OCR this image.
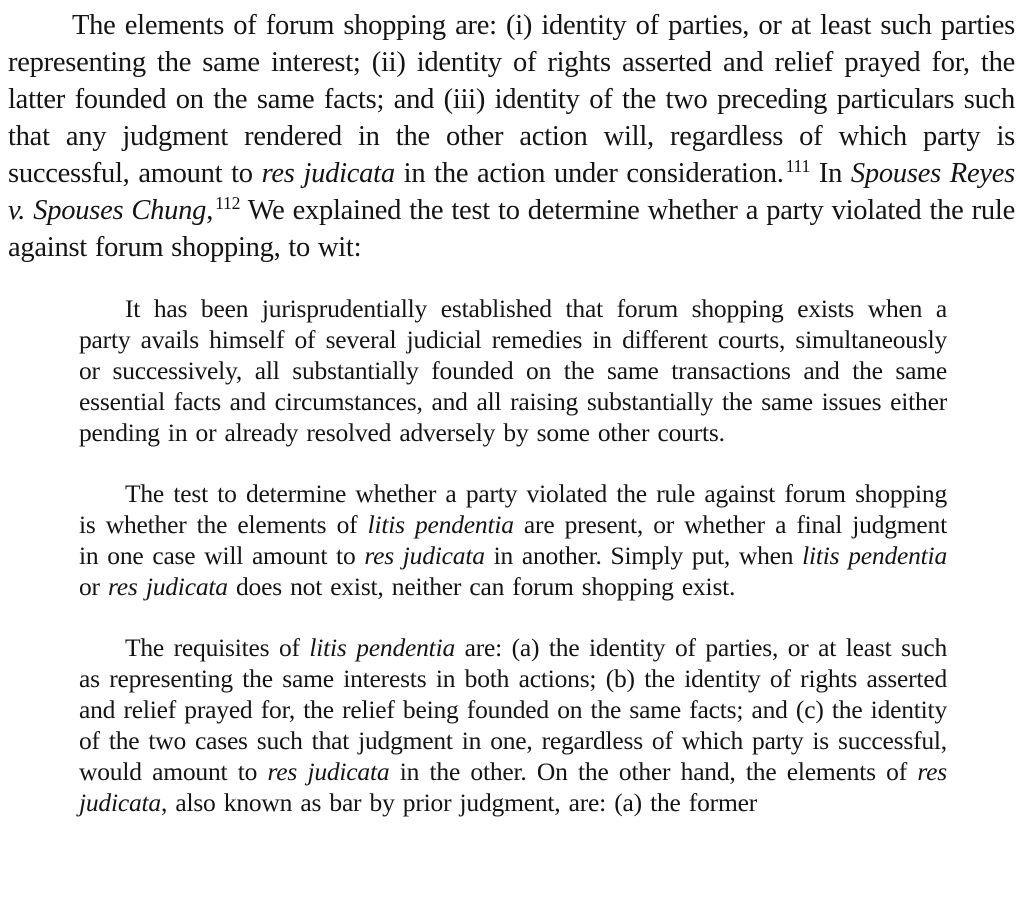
The elements of forum shopping are: (i) identity of parties, or at least such parties representing the same interest; (ii) identity of rights asserted and relief prayed for, the latter founded on the same facts; and (iii) identity of the two preceding particulars such that any judgment rendered in the other action will, regardless of which party is successful, amount to res judicata in the action under consideration. $^{111}$ In Spouses Reyes v. Spouses Chung, $^{112}$ We explained the test to determine whether a party violated the rule against forum shopping, to wit:

It has been jurisprudentially established that forum shopping exists when a party avails himself of several judicial remedies in different courts, simultaneously or successively, all substantially founded on the same transactions and the same essential facts and circumstances, and all raising substantially the same issues either pending in or already resolved adversely by some other courts.

The test to determine whether a party violated the rule against forum shopping is whether the elements of litis pendentia are present, or whether a final judgment in one case will amount to res judicata in another. Simply put, when litis pendentia or res judicata does not exist, neither can forum shopping exist.

The requisites of litis pendentia are: (a) the identity of parties, or at least such as representing the same interests in both actions; (b) the identity of rights asserted and relief prayed for, the relief being founded on the same facts; and (c) the identity of the two cases such that judgment in one, regardless of which party is successful, would amount to res judicata in the other. On the other hand, the elements of res judicata, also known as bar by prior judgment, are: (a) the former
